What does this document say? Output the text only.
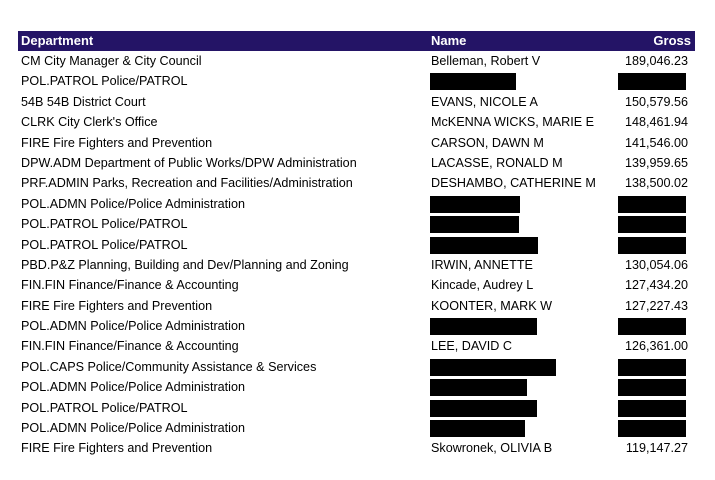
Department	Name	Gross
CM City Manager & City Council	Belleman, Robert V	189,046.23
POL.PATROL Police/PATROL
54B 54B District Court	EVANS, NICOLE A	150,579.56
CLRK City Clerk's Office	McKENNA WICKS, MARIE E 148,461.94
FIRE Fire Fighters and Prevention	CARSON, DAWN M	141,546.00
DPW.ADM Department of Public Works/DPW Administration	LACASSE, RONALD M	139,959.65
PRF.ADMIN Parks, Recreation and Facilities/Administration	DESHAMBO, CATHERINE M 138,500.02
POL.ADMN Police/Police Administration
POL.PATROL Police/PATROL
POL.PATROL Police/PATROL
PBD.P&Z Planning, Building and Dev/Planning and Zoning	IRWIN, ANNETTE	130,054.06
FIN.FIN Finance/Finance & Accounting	Kincade, Audrey L	127,434.20
FIRE Fire Fighters and Prevention	KOONTER, MARK W	127,227.43
POL.ADMN Police/Police Administration
FIN.FIN Finance/Finance & Accounting	LEE, DAVID C	126,361.00
POL.CAPS Police/Community Assistance & Services
POL.ADMN Police/Police Administration
POL.PATROL Police/PATROL
POL.ADMN Police/Police Administration
FIRE Fire Fighters and Prevention	Skowronek, OLIVIA B	119,147.27
